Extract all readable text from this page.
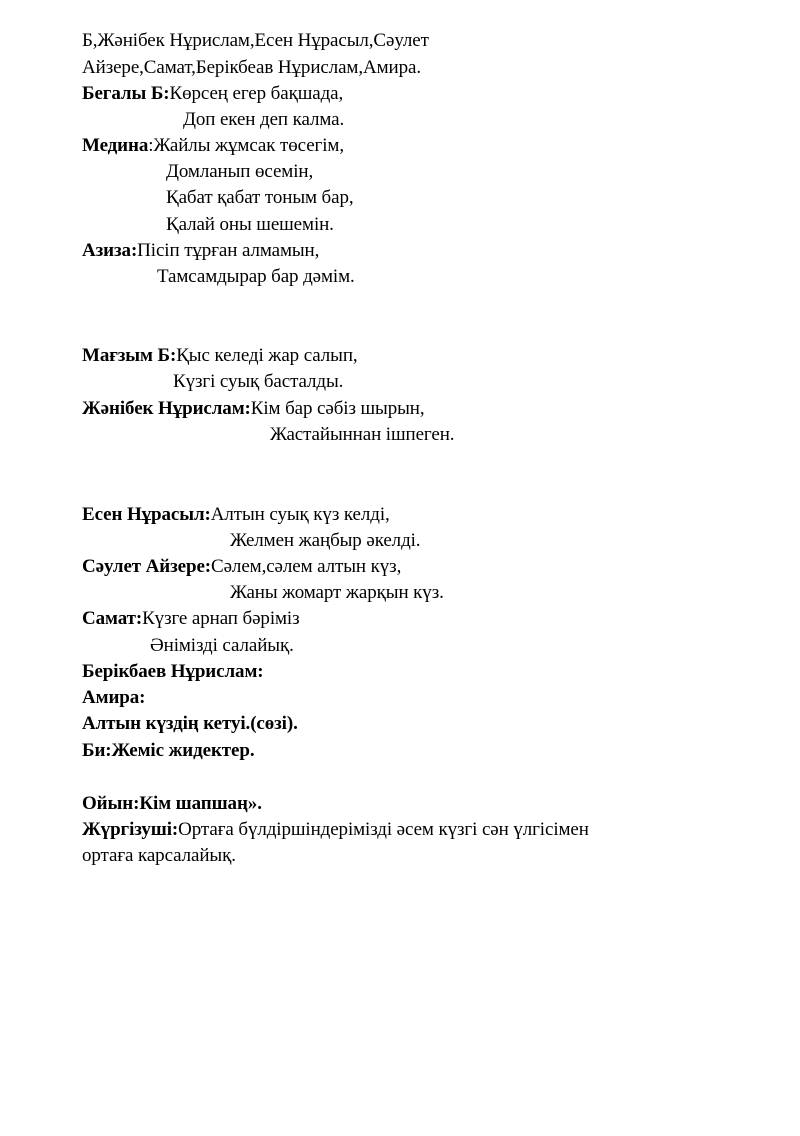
Б,Жәнібек Нұрислам,Есен Нұрасыл,Сәулет
Айзере,Самат,Берікбеав Нұрислам,Амира.
Бегалы Б:Көрсең егер бақшада,
Доп екен деп калма.
Медина:Жайлы жұмсак төсегім,
Домланып өсемін,
Қабат қабат тоным бар,
Қалай оны шешемін.
Азиза:Пісіп тұрған алмамын,
Тамсамдырар бар дәмім.
Мағзым Б:Қыс келеді жар салып,
Күзгі суық басталды.
Жәнібек Нұрислам:Кім бар сәбіз шырын,
Жастайыннан ішпеген.
Есен Нұрасыл:Алтын суық күз келді,
Желмен жаңбыр әкелді.
Сәулет Айзере:Сәлем,сәлем алтын күз,
Жаны жомарт жарқын күз.
Самат:Күзге арнап бәріміз
Әнімізді салайық.
Берікбаев Нұрислам:
Амира:
Алтын күздің кетуі.(сөзі).
Би:Жеміс жидектер.
Ойын:Кім шапшаң».
Жүргізуші:Ортаға бүлдіршіндерімізді әсем күзгі сән үлгісімен
ортаға карсалайық.
